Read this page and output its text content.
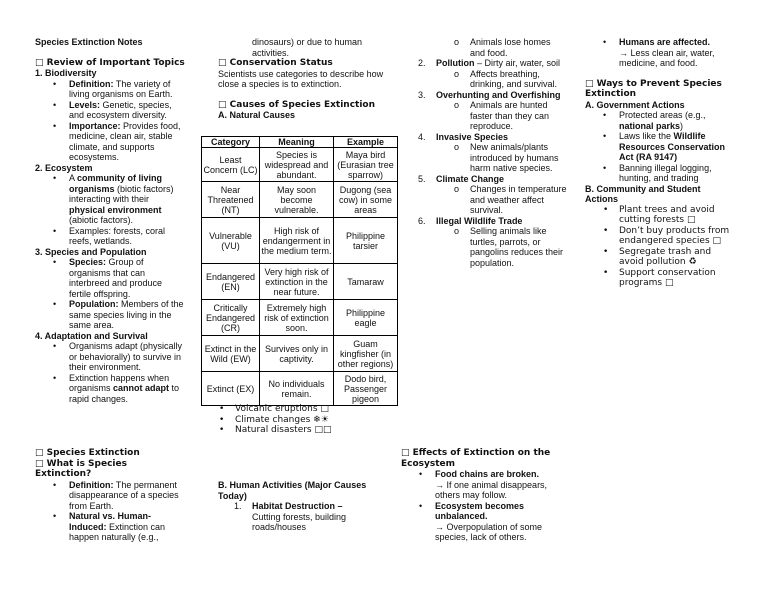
Species Extinction Notes
□ Review of Important Topics
1. Biodiversity
• Definition: The variety of living organisms on Earth.
• Levels: Genetic, species, and ecosystem diversity.
• Importance: Provides food, medicine, clean air, stable climate, and supports ecosystems.
2. Ecosystem
• A community of living organisms (biotic factors) interacting with their physical environment (abiotic factors).
• Examples: forests, coral reefs, wetlands.
3. Species and Population
• Species: Group of organisms that can interbreed and produce fertile offspring.
• Population: Members of the same species living in the same area.
4. Adaptation and Survival
• Organisms adapt (physically or behaviorally) to survive in their environment.
• Extinction happens when organisms cannot adapt to rapid changes.
□ Species Extinction
□ What is Species Extinction?
• Definition: The permanent disappearance of a species from Earth.
• Natural vs. Human-Induced: Extinction can happen naturally (e.g.,
dinosaurs) or due to human activities.
□ Conservation Status
Scientists use categories to describe how close a species is to extinction.
□ Causes of Species Extinction
A. Natural Causes
Category	Meaning	Example
Least Concern (LC)	Species is widespread and abundant.	Maya bird (Eurasian tree sparrow)
Near Threatened (NT)	May soon become vulnerable.	Dugong (sea cow) in some areas
Vulnerable (VU)	High risk of endangerment in the medium term.	Philippine tarsier
Endangered (EN)	Very high risk of extinction in the near future.	Tamaraw
Critically Endangered (CR)	Extremely high risk of extinction soon.	Philippine eagle
Extinct in the Wild (EW)	Survives only in captivity.	Guam kingfisher (in other regions)
Extinct (EX)	No individuals remain.	Dodo bird, Passenger pigeon
• Volcanic eruptions □
• Climate changes ❄☀
• Natural disasters □□
B. Human Activities (Major Causes Today)
1. Habitat Destruction –
Cutting forests, building roads/houses
o Animals lose homes and food.
2. Pollution – Dirty air, water, soil
o Affects breathing, drinking, and survival.
3. Overhunting and Overfishing
o Animals are hunted faster than they can reproduce.
4. Invasive Species
o New animals/plants introduced by humans harm native species.
5. Climate Change
o Changes in temperature and weather affect survival.
6. Illegal Wildlife Trade
o Selling animals like turtles, parrots, or pangolins reduces their population.
□ Effects of Extinction on the Ecosystem
• Food chains are broken.
→ If one animal disappears, others may follow.
• Ecosystem becomes unbalanced.
→ Overpopulation of some species, lack of others.
• Humans are affected.
→ Less clean air, water, medicine, and food.
□ Ways to Prevent Species Extinction
A. Government Actions
• Protected areas (e.g., national parks)
• Laws like the Wildlife Resources Conservation Act (RA 9147)
• Banning illegal logging, hunting, and trading
B. Community and Student Actions
• Plant trees and avoid cutting forests □
• Don’t buy products from endangered species □
• Segregate trash and avoid pollution ♻
• Support conservation programs □
